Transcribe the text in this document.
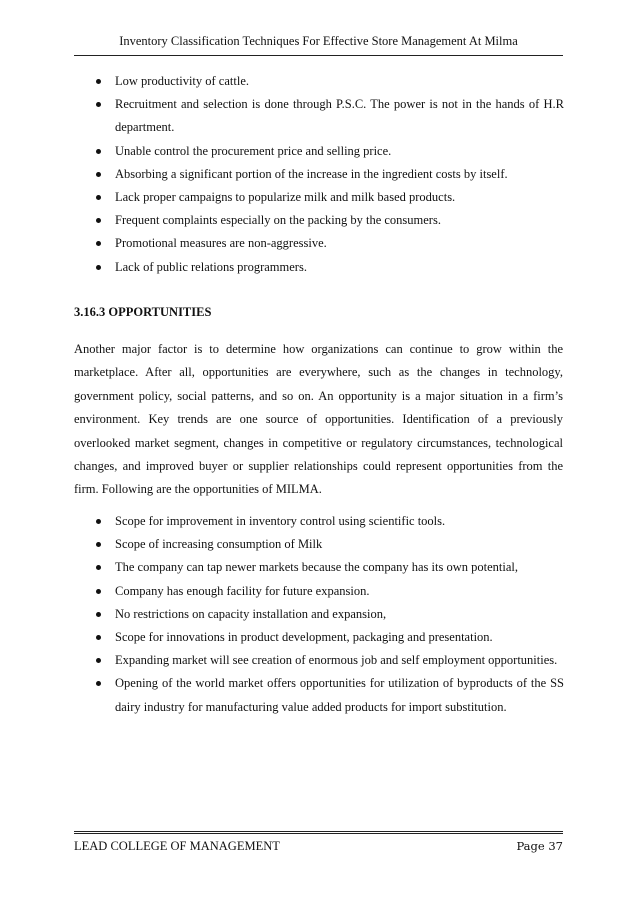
Inventory Classification Techniques For Effective Store Management At Milma
Low productivity of cattle.
Recruitment and selection is done through P.S.C. The power is not in the hands of H.R department.
Unable control the procurement price and selling price.
Absorbing a significant portion of the increase in the ingredient costs by itself.
Lack proper campaigns to popularize milk and milk based products.
Frequent complaints especially on the packing by the consumers.
Promotional measures are non-aggressive.
Lack of public relations programmers.
3.16.3 OPPORTUNITIES

Another major factor is to determine how organizations can continue to grow within the marketplace. After all, opportunities are everywhere, such as the changes in technology, government policy, social patterns, and so on. An opportunity is a major situation in a firm’s environment. Key trends are one source of opportunities. Identification of a previously overlooked market segment, changes in competitive or regulatory circumstances, technological changes, and improved buyer or supplier relationships could represent opportunities from the firm. Following are the opportunities of MILMA.

Scope for improvement in inventory control using scientific tools.
Scope of increasing consumption of Milk
The company can tap newer markets because the company has its own potential,
Company has enough facility for future expansion.
No restrictions on capacity installation and expansion,
Scope for innovations in product development, packaging and presentation.
Expanding market will see creation of enormous job and self employment opportunities.
Opening of the world market offers opportunities for utilization of byproducts of the SS dairy industry for manufacturing value added products for import substitution.
LEAD COLLEGE OF MANAGEMENT	Page 37
